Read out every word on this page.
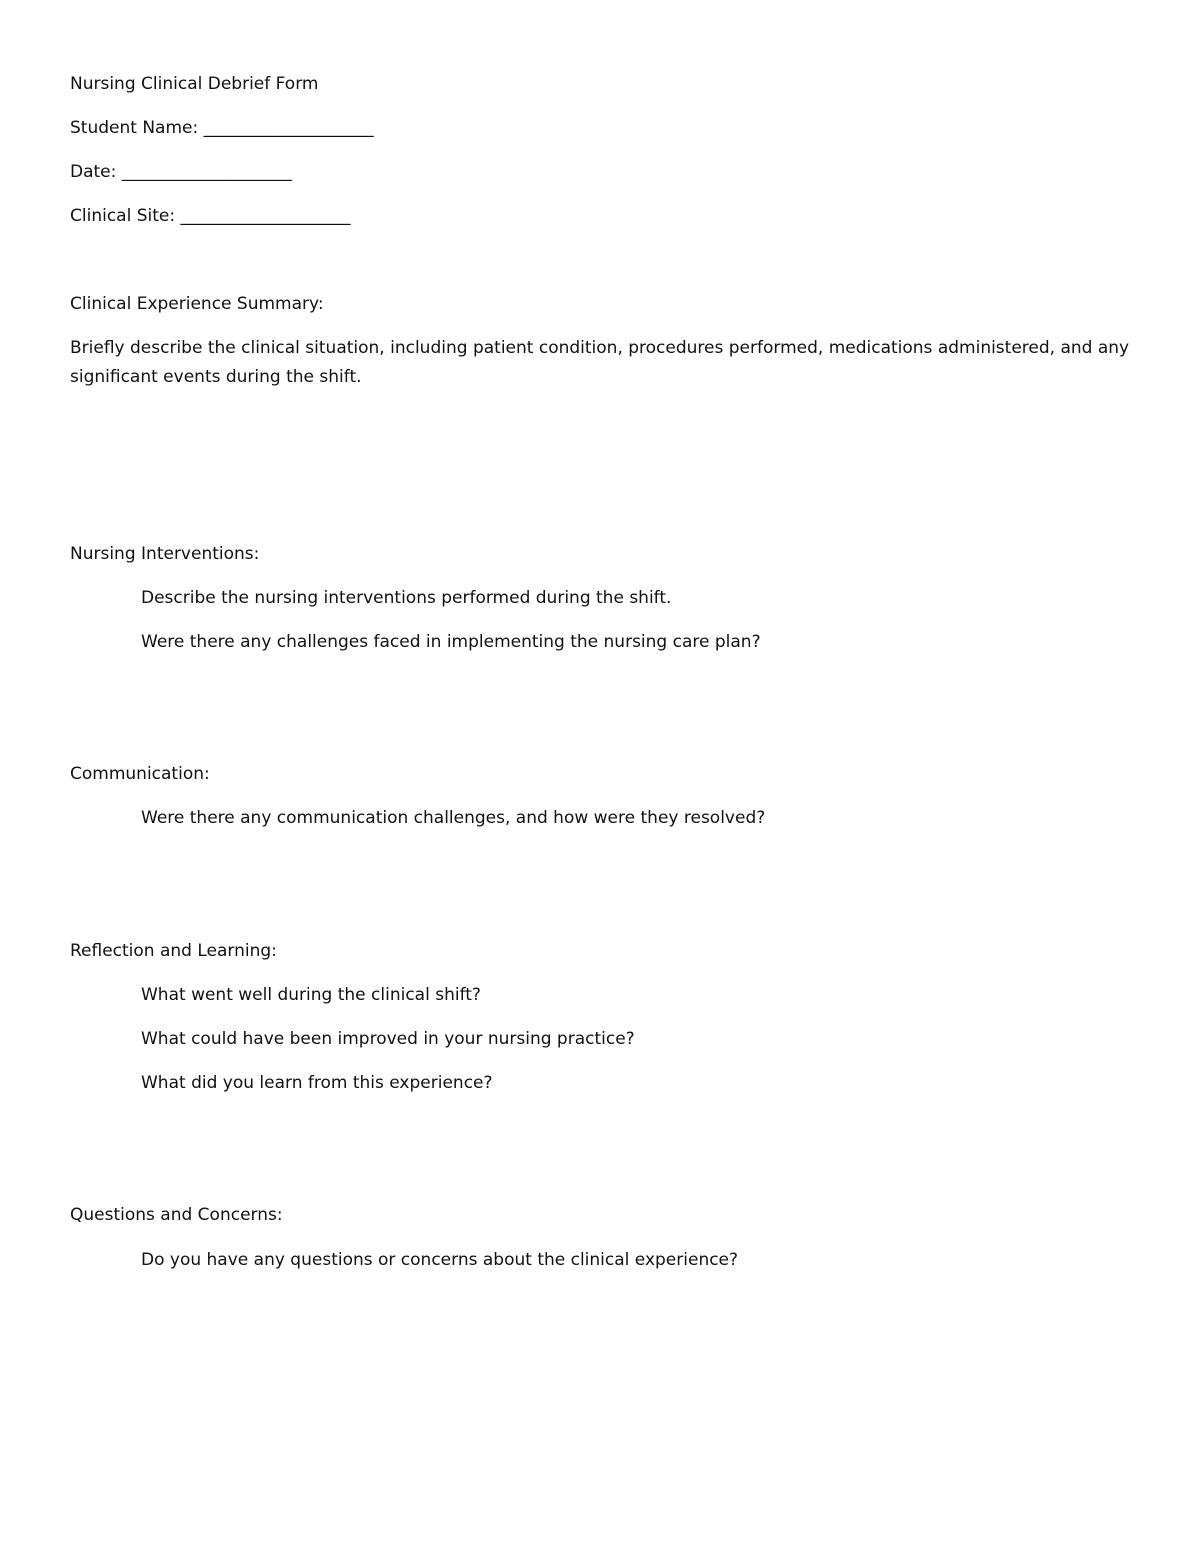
Nursing Clinical Debrief Form
Student Name: ____________________
Date: ____________________
Clinical Site: ____________________
Clinical Experience Summary:
Briefly describe the clinical situation, including patient condition, procedures performed, medications administered, and any significant events during the shift.
Nursing Interventions:
Describe the nursing interventions performed during the shift.
Were there any challenges faced in implementing the nursing care plan?
Communication:
Were there any communication challenges, and how were they resolved?
Reflection and Learning:
What went well during the clinical shift?
What could have been improved in your nursing practice?
What did you learn from this experience?
Questions and Concerns:
Do you have any questions or concerns about the clinical experience?
